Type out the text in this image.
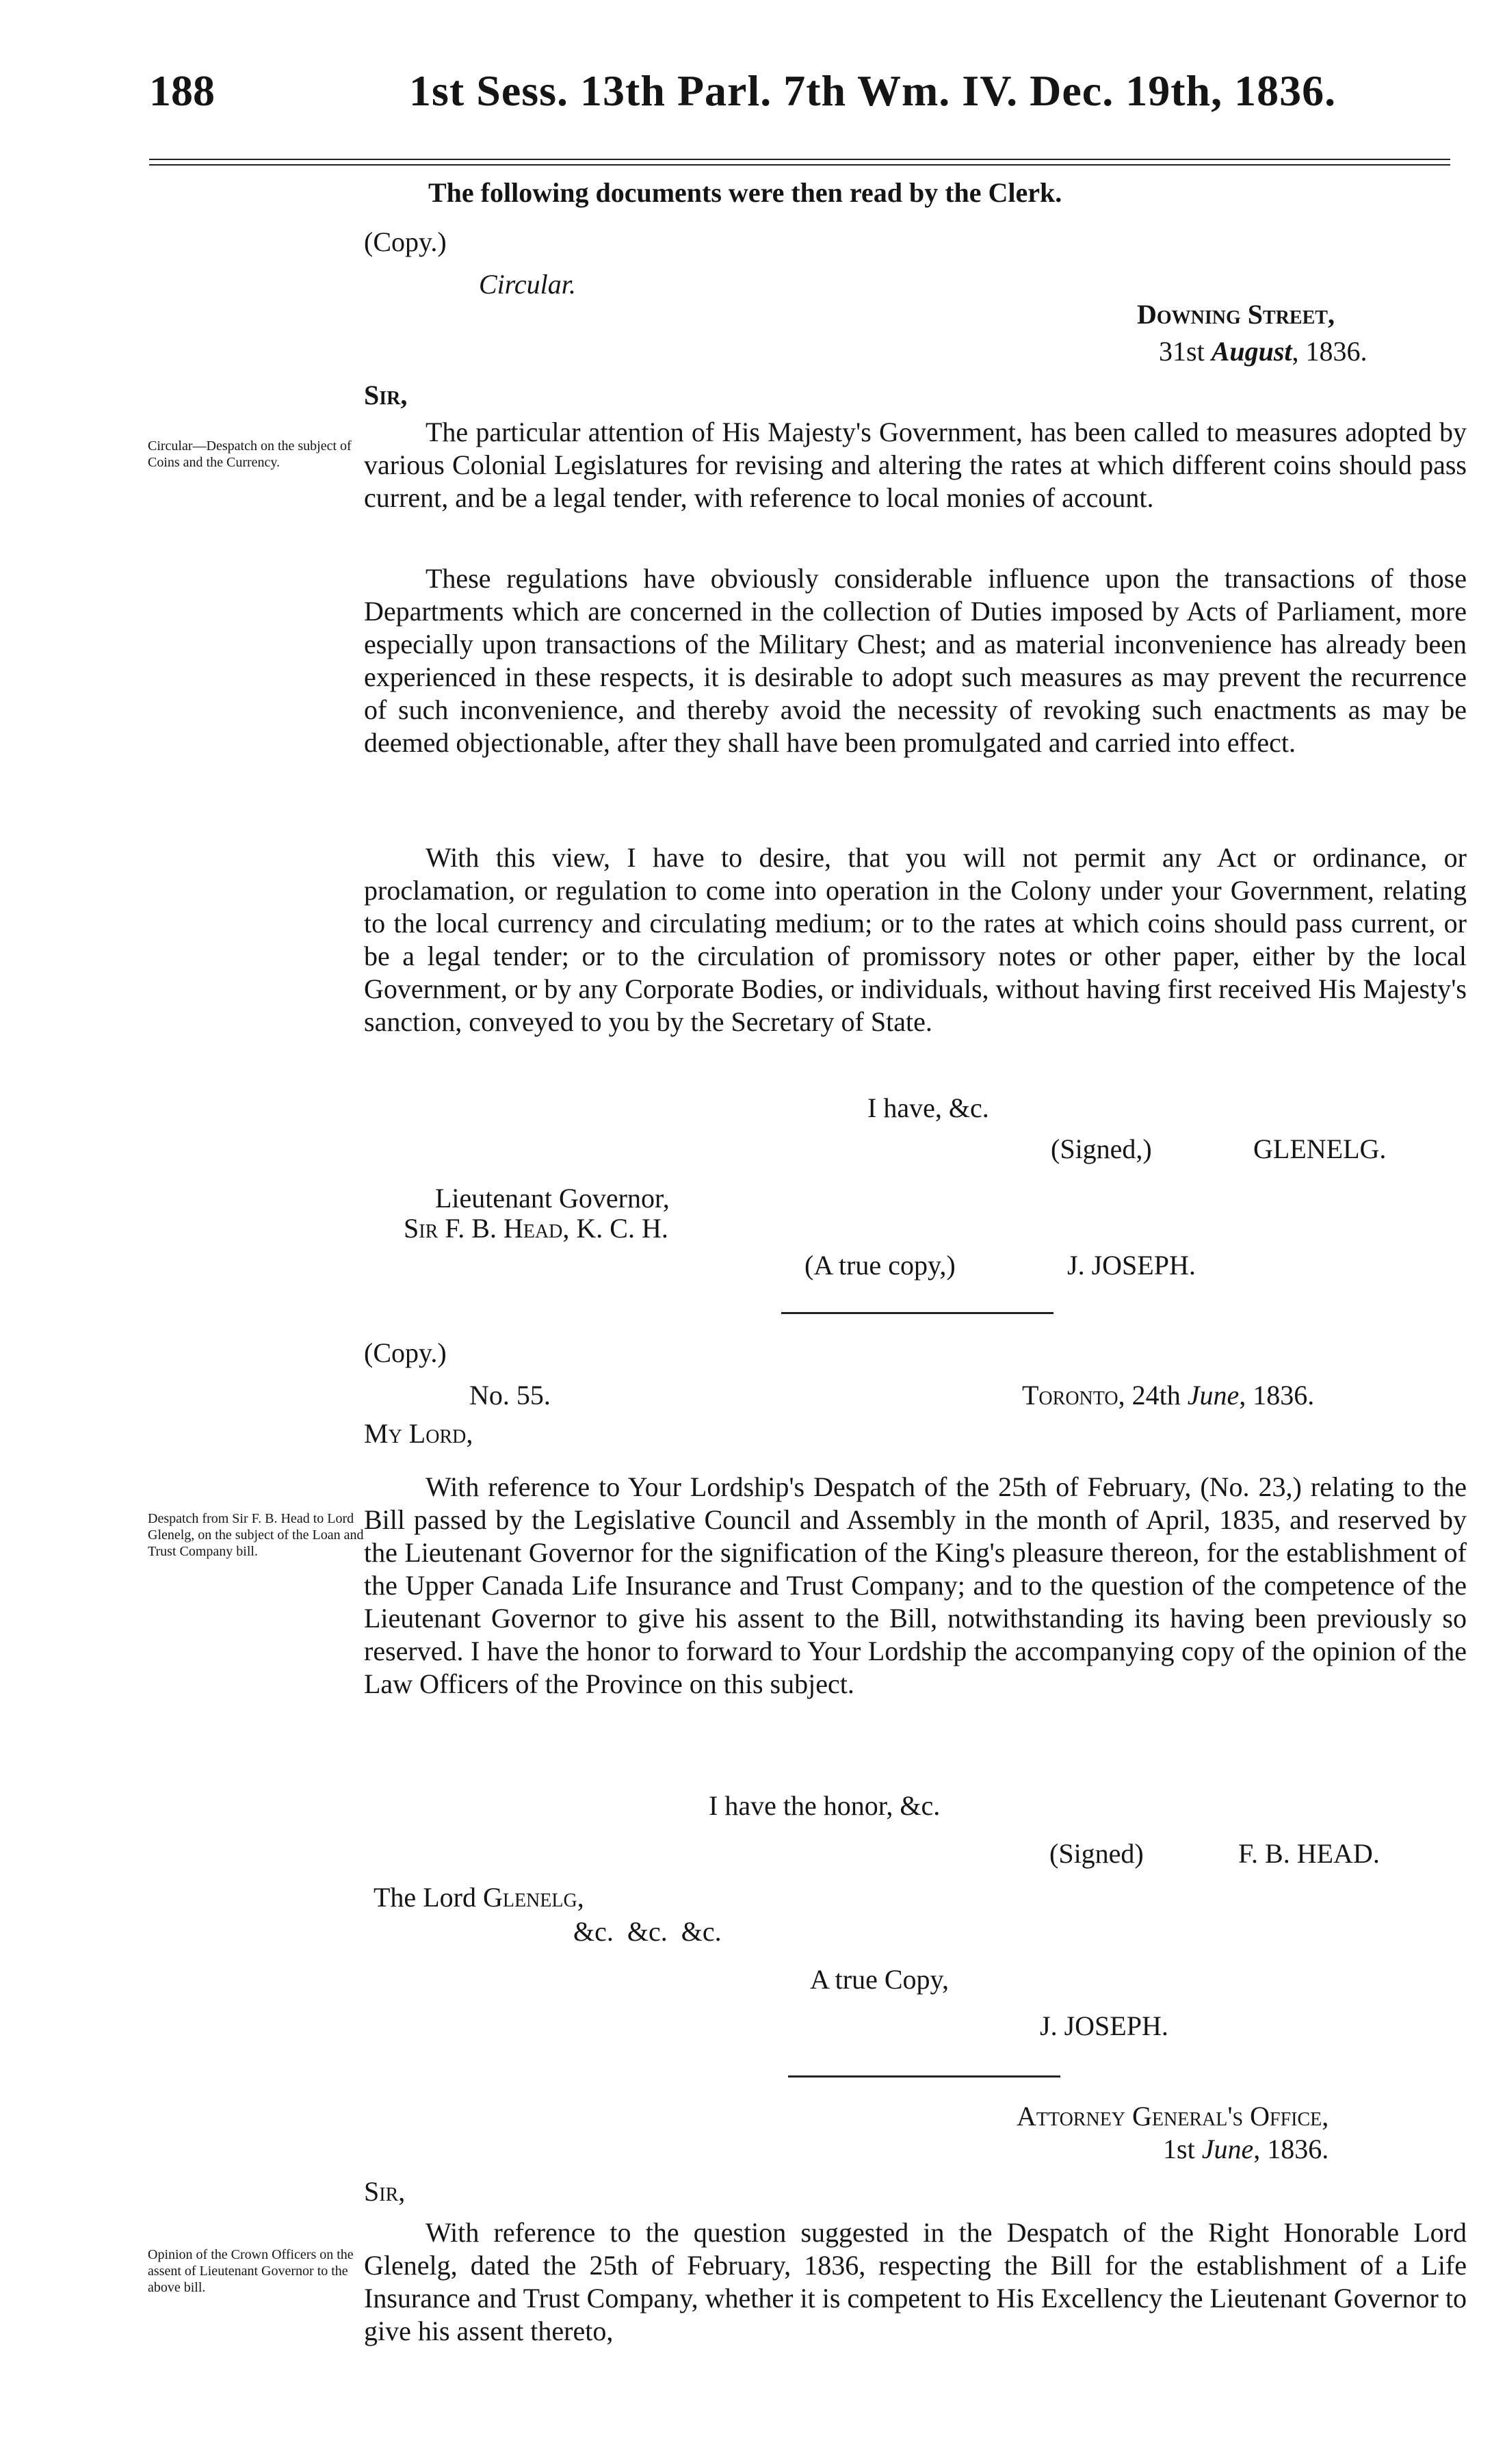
188	1st Sess. 13th Parl. 7th Wm. IV. Dec. 19th, 1836.
The following documents were then read by the Clerk.
(Copy.)
Circular.
Downing Street,
31st August, 1836.
Sir,
Circular—Despatch on the subject of Coins and the Currency.
The particular attention of His Majesty's Government, has been called to measures adopted by various Colonial Legislatures for revising and altering the rates at which different coins should pass current, and be a legal tender, with reference to local monies of account.
These regulations have obviously considerable influence upon the transactions of those Departments which are concerned in the collection of Duties imposed by Acts of Parliament, more especially upon transactions of the Military Chest; and as material inconvenience has already been experienced in these respects, it is desirable to adopt such measures as may prevent the recurrence of such inconvenience, and thereby avoid the necessity of revoking such enactments as may be deemed objectionable, after they shall have been promulgated and carried into effect.
With this view, I have to desire, that you will not permit any Act or ordinance, or proclamation, or regulation to come into operation in the Colony under your Government, relating to the local currency and circulating medium; or to the rates at which coins should pass current, or be a legal tender; or to the circulation of promissory notes or other paper, either by the local Government, or by any Corporate Bodies, or individuals, without having first received His Majesty's sanction, conveyed to you by the Secretary of State.
I have, &c.
(Signed,)	GLENELG.
Lieutenant Governor,
Sir F. B. Head, K. C. H.
(A true copy,)	J. JOSEPH.
(Copy.)
No. 55.	Toronto, 24th June, 1836.
My Lord,
Despatch from Sir F. B. Head to Lord Glenelg, on the subject of the Loan and Trust Company bill.
With reference to Your Lordship's Despatch of the 25th of February, (No. 23,) relating to the Bill passed by the Legislative Council and Assembly in the month of April, 1835, and reserved by the Lieutenant Governor for the signification of the King's pleasure thereon, for the establishment of the Upper Canada Life Insurance and Trust Company; and to the question of the competence of the Lieutenant Governor to give his assent to the Bill, notwithstanding its having been previously so reserved. I have the honor to forward to Your Lordship the accompanying copy of the opinion of the Law Officers of the Province on this subject.
I have the honor, &c.
(Signed)	F. B. HEAD.
The Lord Glenelg,
&c.  &c.  &c.
A true Copy,
J. JOSEPH.
Attorney General's Office,
1st June, 1836.
Sir,
Opinion of the Crown Officers on the assent of Lieutenant Governor to the above bill.
With reference to the question suggested in the Despatch of the Right Honorable Lord Glenelg, dated the 25th of February, 1836, respecting the Bill for the establishment of a Life Insurance and Trust Company, whether it is competent to His Excellency the Lieutenant Governor to give his assent thereto,
